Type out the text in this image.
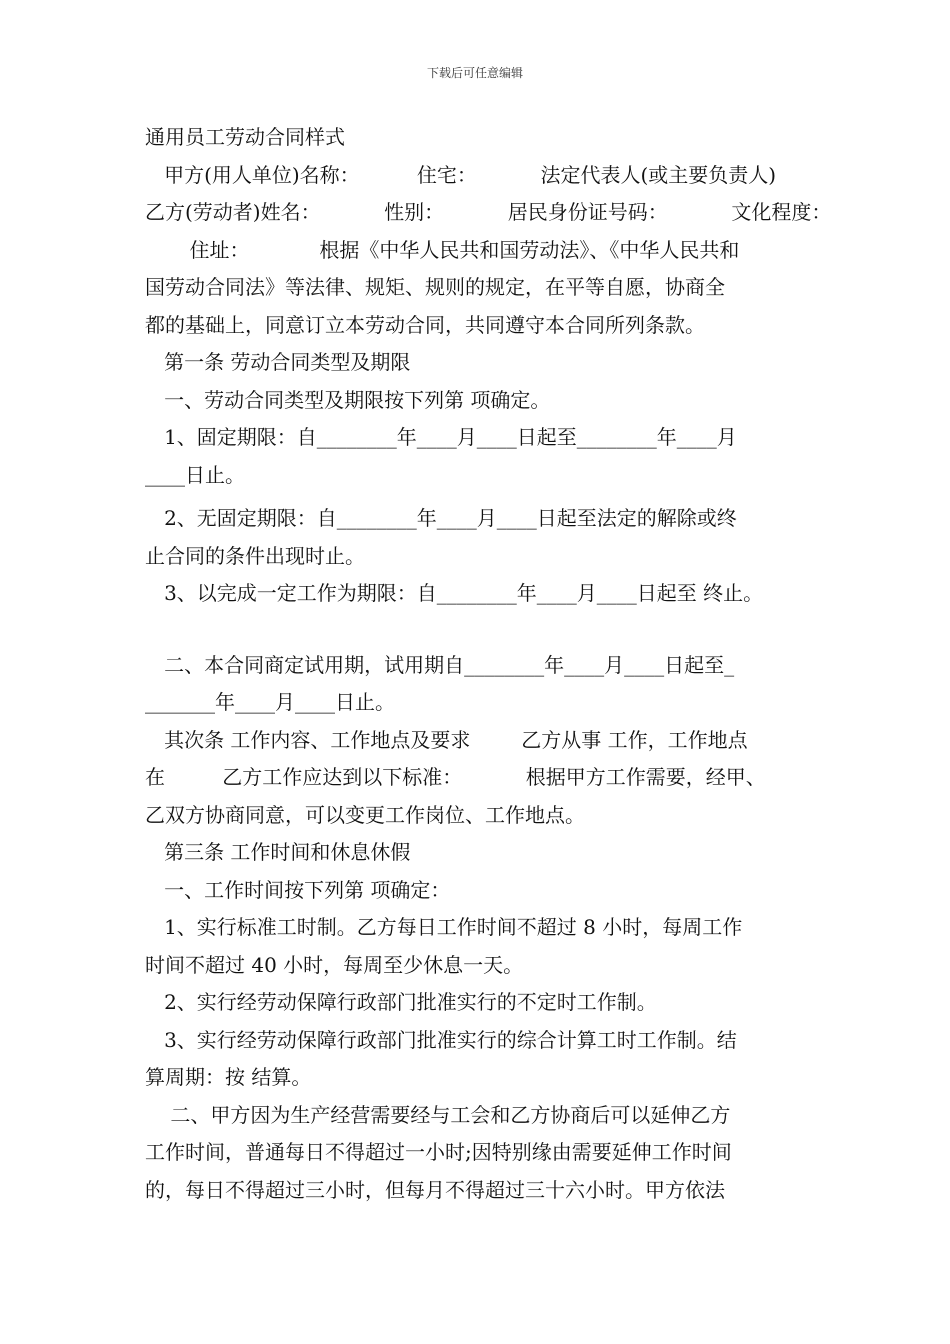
下载后可任意编辑
通用员工劳动合同样式
甲方(用人单位)名称：         住宅：          法定代表人(或主要负责人)
乙方(劳动者)姓名：          性别：          居民身份证号码：          文化程度：
住址：           根据《中华人民共和国劳动法》、《中华人民共和
国劳动合同法》等法律、规矩、规则的规定，在平等自愿，协商全
都的基础上，同意订立本劳动合同，共同遵守本合同所列条款。
第一条 劳动合同类型及期限
一、劳动合同类型及期限按下列第 项确定。
1、固定期限：自________年____月____日起至________年____月
____日止。
2、无固定期限：自________年____月____日起至法定的解除或终
止合同的条件出现时止。
3、以完成一定工作为期限：自________年____月____日起至 终止。
二、本合同商定试用期，试用期自________年____月____日起至_
_______年____月____日止。
其次条 工作内容、工作地点及要求        乙方从事 工作，工作地点
在         乙方工作应达到以下标准：          根据甲方工作需要，经甲、
乙双方协商同意，可以变更工作岗位、工作地点。
第三条 工作时间和休息休假
一、工作时间按下列第 项确定：
1、实行标准工时制。乙方每日工作时间不超过 8 小时，每周工作
时间不超过 40 小时，每周至少休息一天。
2、实行经劳动保障行政部门批准实行的不定时工作制。
3、实行经劳动保障行政部门批准实行的综合计算工时工作制。结
算周期：按 结算。
二、甲方因为生产经营需要经与工会和乙方协商后可以延伸乙方
工作时间，普通每日不得超过一小时;因特别缘由需要延伸工作时间
的，每日不得超过三小时，但每月不得超过三十六小时。甲方依法
